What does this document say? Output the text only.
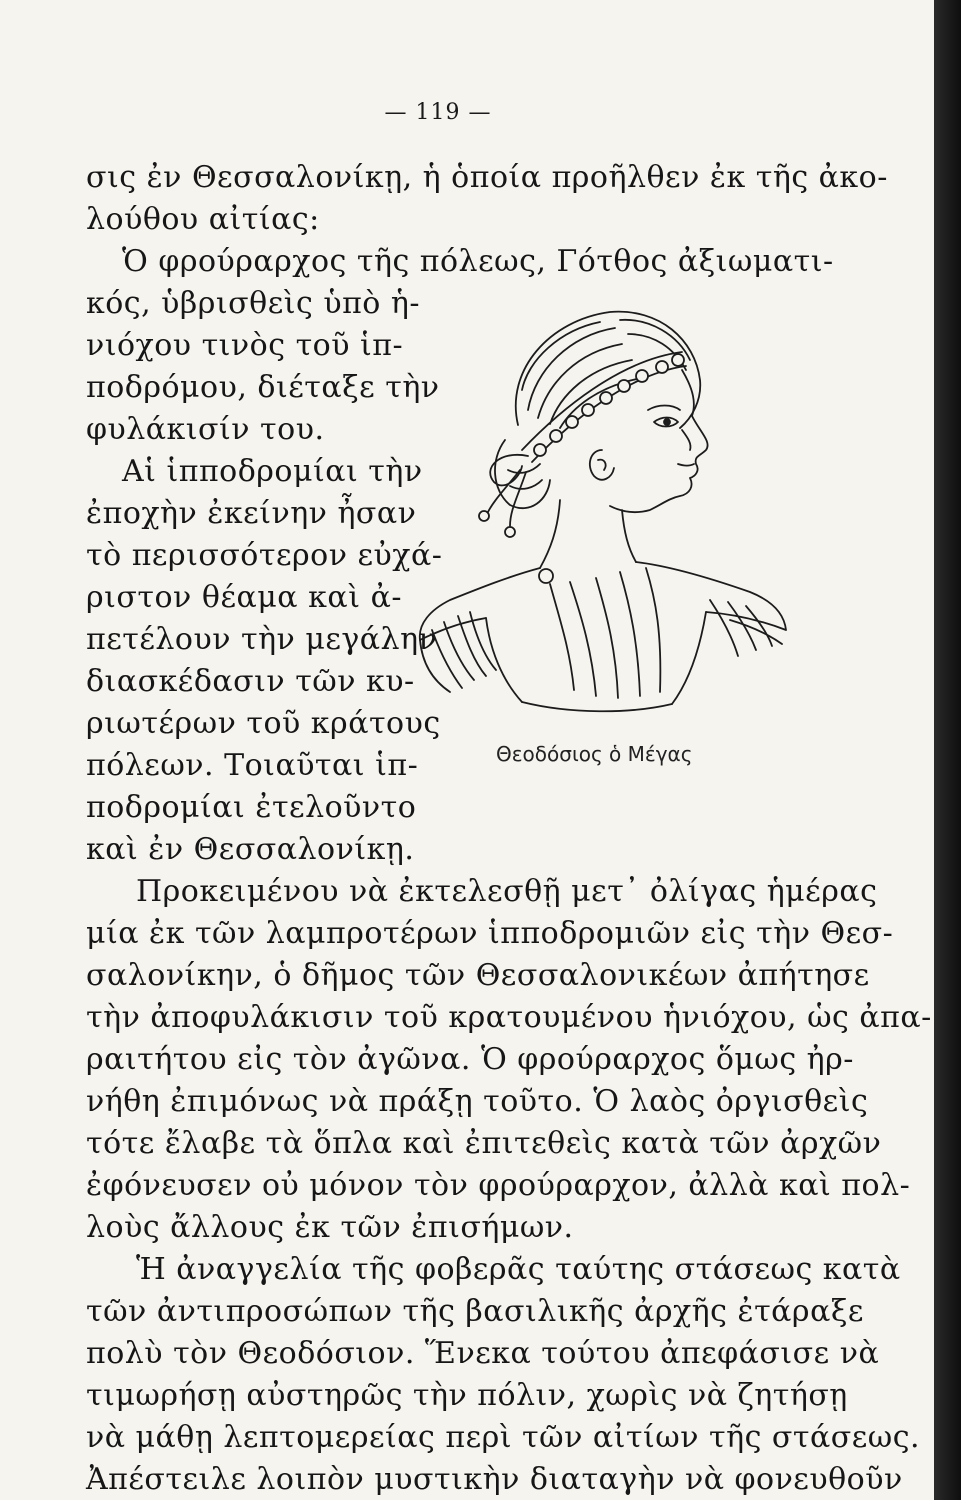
— 119 —
σις ἐν Θεσσαλονίκῃ, ἡ ὁποία προῆλθεν ἐκ τῆς ἀκο-
λούθου αἰτίας:
Ὁ φρούραρχος τῆς πόλεως, Γότθος ἀξιωματι-
κός, ὑβρισθεὶς ὑπὸ ἡ-
νιόχου τινὸς τοῦ ἱπ-
ποδρόμου, διέταξε τὴν
φυλάκισίν του.
Αἱ ἱπποδρομίαι τὴν
ἐποχὴν ἐκείνην ἦσαν
τὸ περισσότερον εὐχά-
ριστον θέαμα καὶ ἀ-
πετέλουν τὴν μεγάλην
διασκέδασιν τῶν κυ-
ριωτέρων τοῦ κράτους
πόλεων. Τοιαῦται ἱπ-
ποδρομίαι ἐτελοῦντο
καὶ ἐν Θεσσαλονίκῃ.
Προκειμένου νὰ ἐκτελεσθῇ μετ᾽ ὀλίγας ἡμέρας
μία ἐκ τῶν λαμπροτέρων ἱπποδρομιῶν εἰς τὴν Θεσ-
σαλονίκην, ὁ δῆμος τῶν Θεσσαλονικέων ἀπήτησε
τὴν ἀποφυλάκισιν τοῦ κρατουμένου ἡνιόχου, ὡς ἀπα-
ραιτήτου εἰς τὸν ἀγῶνα. Ὁ φρούραρχος ὅμως ἠρ-
νήθη ἐπιμόνως νὰ πράξῃ τοῦτο. Ὁ λαὸς ὀργισθεὶς
τότε ἔλαβε τὰ ὅπλα καὶ ἐπιτεθεὶς κατὰ τῶν ἀρχῶν
ἐφόνευσεν οὐ μόνον τὸν φρούραρχον, ἀλλὰ καὶ πολ-
λοὺς ἄλλους ἐκ τῶν ἐπισήμων.
Ἡ ἀναγγελία τῆς φοβερᾶς ταύτης στάσεως κατὰ
τῶν ἀντιπροσώπων τῆς βασιλικῆς ἀρχῆς ἐτάραξε
πολὺ τὸν Θεοδόσιον. Ἕνεκα τούτου ἀπεφάσισε νὰ
τιμωρήσῃ αὐστηρῶς τὴν πόλιν, χωρὶς νὰ ζητήσῃ
νὰ μάθῃ λεπτομερείας περὶ τῶν αἰτίων τῆς στάσεως.
Ἀπέστειλε λοιπὸν μυστικὴν διαταγὴν νὰ φονευθοῦν
Θεοδόσιος ὁ Μέγας
